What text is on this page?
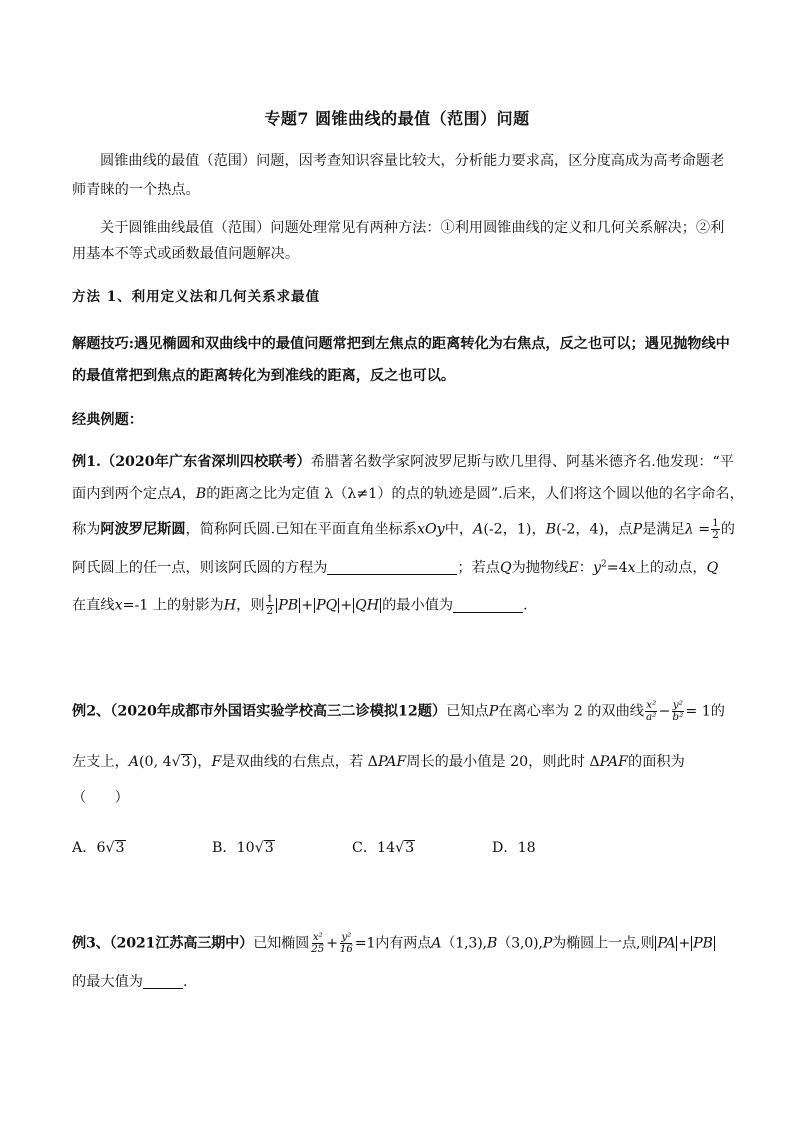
专题7 圆锥曲线的最值（范围）问题
圆锥曲线的最值（范围）问题，因考查知识容量比较大，分析能力要求高，区分度高成为高考命题老
师青睐的一个热点。
关于圆锥曲线最值（范围）问题处理常见有两种方法：①利用圆锥曲线的定义和几何关系解决；②利
用基本不等式或函数最值问题解决。
方法 1、利用定义法和几何关系求最值
解题技巧:遇见椭圆和双曲线中的最值问题常把到左焦点的距离转化为右焦点，反之也可以；遇见抛物线中
的最值常把到焦点的距离转化为到准线的距离，反之也可以。
经典例题：
例1.（2020年广东省深圳四校联考）希腊著名数学家阿波罗尼斯与欧几里得、阿基米德齐名.他发现：“平
面内到两个定点A，B的距离之比为定值 λ（λ≠1）的点的轨迹是圆”.后来，人们将这个圆以他的名字命名，
称为阿波罗尼斯圆，简称阿氏圆.已知在平面直角坐标系xOy中，A(-2，1)，B(-2，4)，点P是满足$\lambda = \frac{1}{2}$ 的
阿氏圆上的任一点，则该阿氏圆的方程为	；若点Q为抛物线E：$y^2=4x$上的动点，Q
在直线x=-1 上的射影为H，则 $\frac{1}{2}$ PB + PQ + QH 的最小值为	.
例2、（2020年成都市外国语实验学校高三二诊模拟12题）已知点P在离心率为 2 的双曲线 $\frac{\text{x²}}{\text{a²}} - \frac{\text{y²}}{\text{b²}} = 1$的
左支上，A(0, 4√3)，F是双曲线的右焦点，若 ΔPAF周长的最小值是 20，则此时 ΔPAF的面积为
（　　）
A．6√3	B．10√3	C．14√3	D．18
例3、（2021江苏高三期中）已知椭圆 $\frac{\text{x²}}{25} + \frac{\text{y²}}{16} =1$内有两点A（1,3),B（3,0),P为椭圆上一点,则 PA + PB
的最大值为	.
